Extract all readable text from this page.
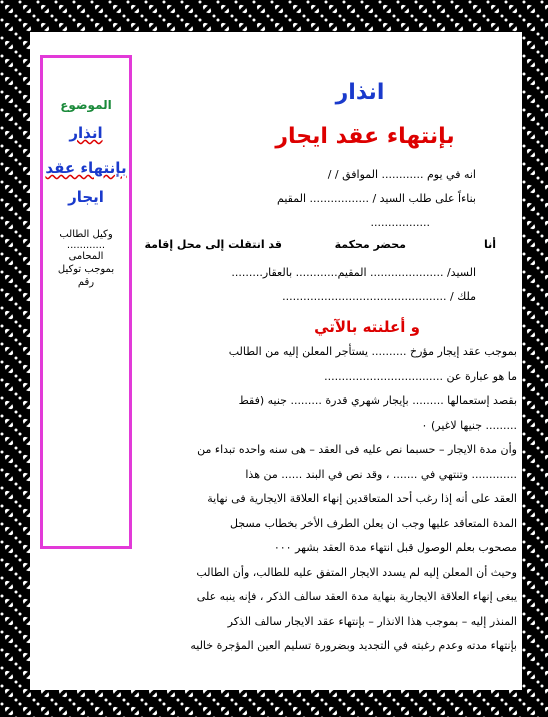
الموضوع
انذار
بإنتهاء عقد
ايجار
وكيل الطالب
............
المحامى
بموجب توكيل
رقم
انذار
بإنتهاء عقد ايجار
انه في يوم ............ الموافق / /
بناءاً على طلب السيد / ................. المقيم
.................
أنا
محضر محكمة
قد انتقلت إلى محل إقامة
السيد/ ..................... المقيم............ بالعقار.........
ملك / ...............................................
و أعلنته بالآتي
بموجب عقد إيجار مؤرخ .......... يستأجر المعلن إليه من الطالب
ما هو عبارة عن ..................................
بقصد إستعمالها ......... بإيجار شهري قدرة ......... جنيه (فقط
......... جنيها لاغير) ٠
وأن مدة الايجار – حسبما نص عليه فى العقد – هى سنه واحده تبداء من
............. وتنتهي في ....... ، وقد نص في البند ...... من هذا
العقد على أنه إذا رغب أحد المتعاقدين إنهاء العلاقة الايجارية فى نهاية
المدة المتعاقد عليها وجب ان يعلن الطرف الأخر بخطاب مسجل
مصحوب بعلم الوصول قبل انتهاء مدة العقد بشهر ٠٠٠
وحيث أن المعلن إليه لم يسدد الايجار المتفق عليه للطالب، وأن الطالب
يبغى إنهاء العلاقة الايجارية بنهاية مدة العقد سالف الذكر ، فإنه ينبه على
المنذر إليه – بموجب هذا الانذار – بإنتهاء عقد الايجار سالف الذكر
بإنتهاء مدته وعدم رغبته في التجديد وبضرورة تسليم العين المؤجرة خاليه
